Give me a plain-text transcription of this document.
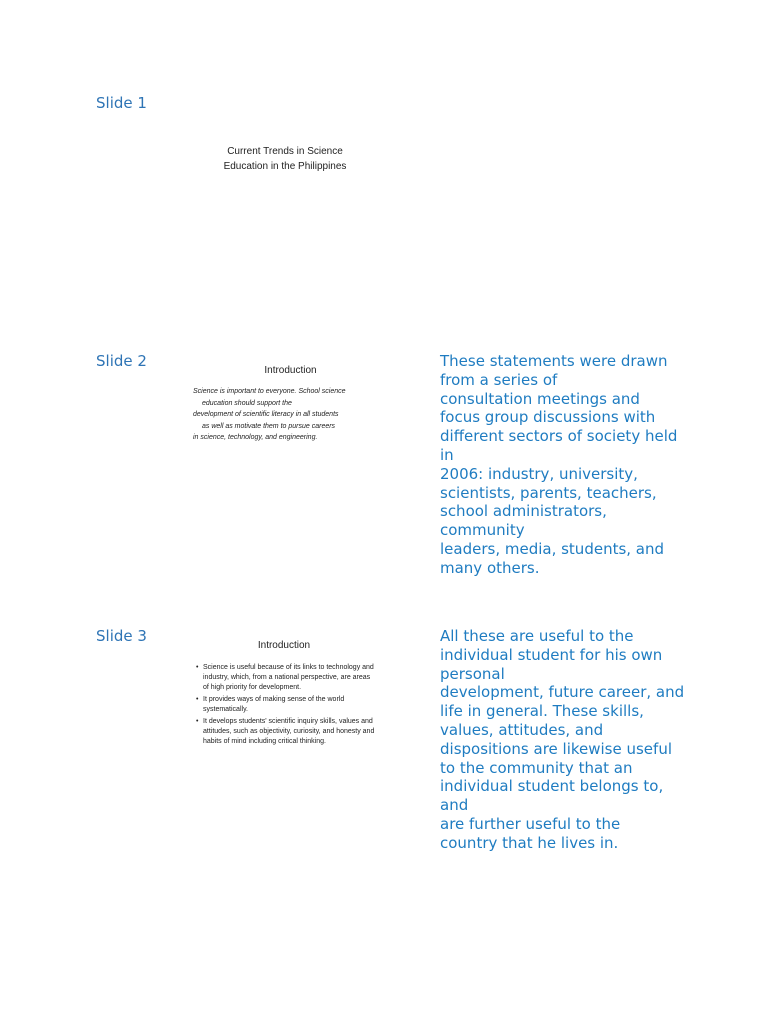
Slide 1
Current Trends in Science
Education in the Philippines
Slide 2
Introduction
Science is important to everyone. School science
education should support the
development of scientific literacy in all students
as well as motivate them to pursue careers
in science, technology, and engineering.
These statements were drawn
from a series of
consultation meetings and
focus group discussions with
different sectors of society held
in
2006: industry, university,
scientists, parents, teachers,
school administrators,
community
leaders, media, students, and
many others.
Slide 3
Introduction
• Science is useful because of its links to technology and industry, which, from a national perspective, are areas of high priority for development.
• It provides ways of making sense of the world systematically.
• It develops students' scientific inquiry skills, values and attitudes, such as objectivity, curiosity, and honesty and habits of mind including critical thinking.
All these are useful to the
individual student for his own
personal
development, future career, and
life in general. These skills,
values, attitudes, and
dispositions are likewise useful
to the community that an
individual student belongs to,
and
are further useful to the
country that he lives in.
